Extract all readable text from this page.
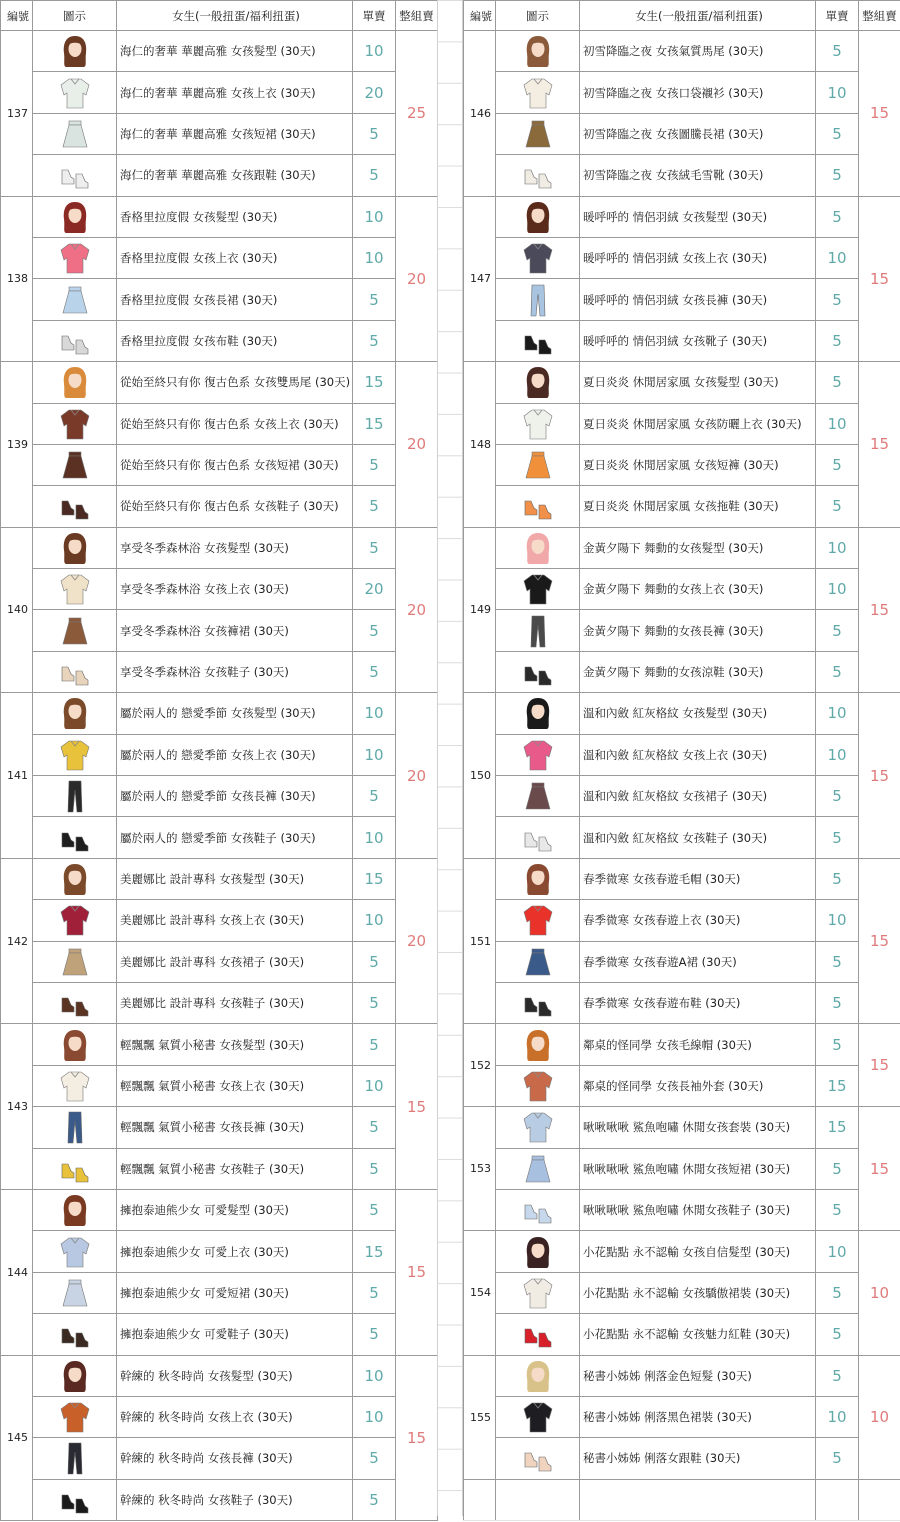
編號	圖示	女生(一般扭蛋/福利扭蛋)	單賣	整組賣
137		海仁的奢華 華麗高雅 女孩髮型 (30天)	10	25
	海仁的奢華 華麗高雅 女孩上衣 (30天)	20	
	海仁的奢華 華麗高雅 女孩短裙 (30天)	5	
	海仁的奢華 華麗高雅 女孩跟鞋 (30天)	5	
138		香格里拉度假 女孩髮型 (30天)	10	20
	香格里拉度假 女孩上衣 (30天)	10	
	香格里拉度假 女孩長裙 (30天)	5	
	香格里拉度假 女孩布鞋 (30天)	5	
139		從始至終只有你 復古色系 女孩雙馬尾 (30天)	15	20
	從始至終只有你 復古色系 女孩上衣 (30天)	15	
	從始至終只有你 復古色系 女孩短裙 (30天)	5	
	從始至終只有你 復古色系 女孩鞋子 (30天)	5	
140		享受冬季森林浴 女孩髮型 (30天)	5	20
	享受冬季森林浴 女孩上衣 (30天)	20	
	享受冬季森林浴 女孩褲裙 (30天)	5	
	享受冬季森林浴 女孩鞋子 (30天)	5	
141		屬於兩人的 戀愛季節 女孩髮型 (30天)	10	20
	屬於兩人的 戀愛季節 女孩上衣 (30天)	10	
	屬於兩人的 戀愛季節 女孩長褲 (30天)	5	
	屬於兩人的 戀愛季節 女孩鞋子 (30天)	10	
142		美麗娜比 設計專科 女孩髮型 (30天)	15	20
	美麗娜比 設計專科 女孩上衣 (30天)	10	
	美麗娜比 設計專科 女孩裙子 (30天)	5	
	美麗娜比 設計專科 女孩鞋子 (30天)	5	
143		輕飄飄 氣質小秘書 女孩髮型 (30天)	5	15
	輕飄飄 氣質小秘書 女孩上衣 (30天)	10	
	輕飄飄 氣質小秘書 女孩長褲 (30天)	5	
	輕飄飄 氣質小秘書 女孩鞋子 (30天)	5	
144		擁抱泰迪熊少女 可愛髮型 (30天)	5	15
	擁抱泰迪熊少女 可愛上衣 (30天)	15	
	擁抱泰迪熊少女 可愛短裙 (30天)	5	
	擁抱泰迪熊少女 可愛鞋子 (30天)	5	
145		幹練的 秋冬時尚 女孩髮型 (30天)	10	15
	幹練的 秋冬時尚 女孩上衣 (30天)	10	
	幹練的 秋冬時尚 女孩長褲 (30天)	5	
	幹練的 秋冬時尚 女孩鞋子 (30天)	5	
編號	圖示	女生(一般扭蛋/福利扭蛋)	單賣	整組賣
146		初雪降臨之夜 女孩氣質馬尾 (30天)	5	15
	初雪降臨之夜 女孩口袋襯衫 (30天)	10	
	初雪降臨之夜 女孩圖騰長裙 (30天)	5	
	初雪降臨之夜 女孩絨毛雪靴 (30天)	5	
147		暖呼呼的 情侶羽絨 女孩髮型 (30天)	5	15
	暖呼呼的 情侶羽絨 女孩上衣 (30天)	10	
	暖呼呼的 情侶羽絨 女孩長褲 (30天)	5	
	暖呼呼的 情侶羽絨 女孩靴子 (30天)	5	
148		夏日炎炎 休閒居家風 女孩髮型 (30天)	5	15
	夏日炎炎 休閒居家風 女孩防曬上衣 (30天)	10	
	夏日炎炎 休閒居家風 女孩短褲 (30天)	5	
	夏日炎炎 休閒居家風 女孩拖鞋 (30天)	5	
149		金黃夕陽下 舞動的女孩髮型 (30天)	10	15
	金黃夕陽下 舞動的女孩上衣 (30天)	10	
	金黃夕陽下 舞動的女孩長褲 (30天)	5	
	金黃夕陽下 舞動的女孩涼鞋 (30天)	5	
150		溫和內斂 紅灰格紋 女孩髮型 (30天)	10	15
	溫和內斂 紅灰格紋 女孩上衣 (30天)	10	
	溫和內斂 紅灰格紋 女孩裙子 (30天)	5	
	溫和內斂 紅灰格紋 女孩鞋子 (30天)	5	
151		春季微寒 女孩春遊毛帽 (30天)	5	15
	春季微寒 女孩春遊上衣 (30天)	10	
	春季微寒 女孩春遊A裙 (30天)	5	
	春季微寒 女孩春遊布鞋 (30天)	5	
152		鄰桌的怪同學 女孩毛線帽 (30天)	5	15
	鄰桌的怪同學 女孩長袖外套 (30天)	15	
153		啾啾啾啾 鯊魚咆嘯 休閒女孩套裝 (30天)	15	15
	啾啾啾啾 鯊魚咆嘯 休閒女孩短裙 (30天)	5	
	啾啾啾啾 鯊魚咆嘯 休閒女孩鞋子 (30天)	5	
154		小花點點 永不認輸 女孩自信髮型 (30天)	10	10
	小花點點 永不認輸 女孩驕傲裙裝 (30天)	5	
	小花點點 永不認輸 女孩魅力紅鞋 (30天)	5	
155		秘書小姊姊 俐落金色短髮 (30天)	5	10
	秘書小姊姊 俐落黑色裙裝 (30天)	10	
	秘書小姊姊 俐落女跟鞋 (30天)	5	
